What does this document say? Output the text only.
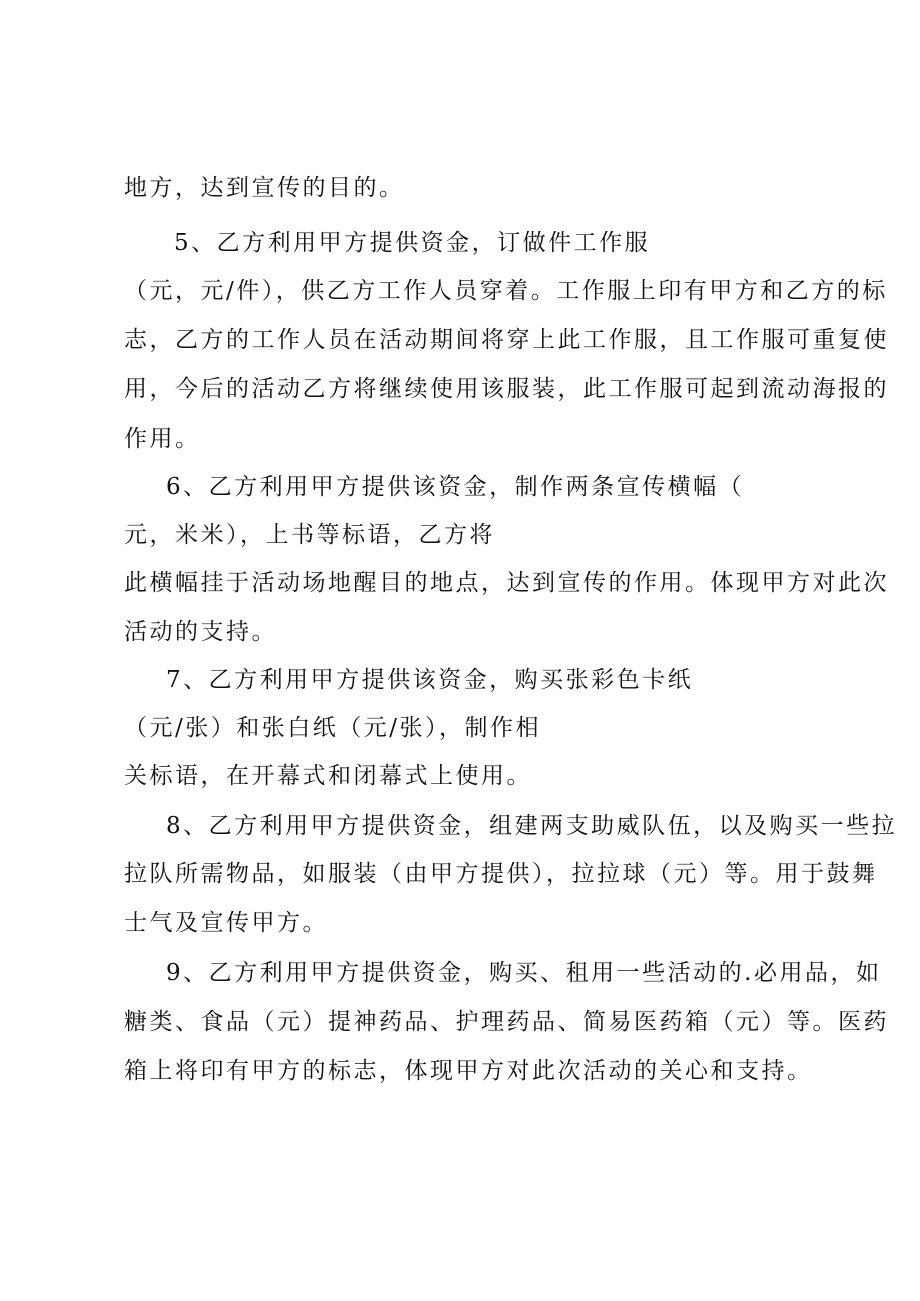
地方，达到宣传的目的。

5、乙方利用甲方提供资金，订做件工作服

（元，元/件），供乙方工作人员穿着。工作服上印有甲方和乙方的标

志，乙方的工作人员在活动期间将穿上此工作服，且工作服可重复使

用，今后的活动乙方将继续使用该服装，此工作服可起到流动海报的

作用。

6、乙方利用甲方提供该资金，制作两条宣传横幅（

元，米米），上书等标语，乙方将

此横幅挂于活动场地醒目的地点，达到宣传的作用。体现甲方对此次

活动的支持。

7、乙方利用甲方提供该资金，购买张彩色卡纸

（元/张）和张白纸（元/张），制作相

关标语，在开幕式和闭幕式上使用。

8、乙方利用甲方提供资金，组建两支助威队伍，以及购买一些拉

拉队所需物品，如服装（由甲方提供），拉拉球（元）等。用于鼓舞

士气及宣传甲方。

9、乙方利用甲方提供资金，购买、租用一些活动的.必用品，如

糖类、食品（元）提神药品、护理药品、简易医药箱（元）等。医药

箱上将印有甲方的标志，体现甲方对此次活动的关心和支持。
